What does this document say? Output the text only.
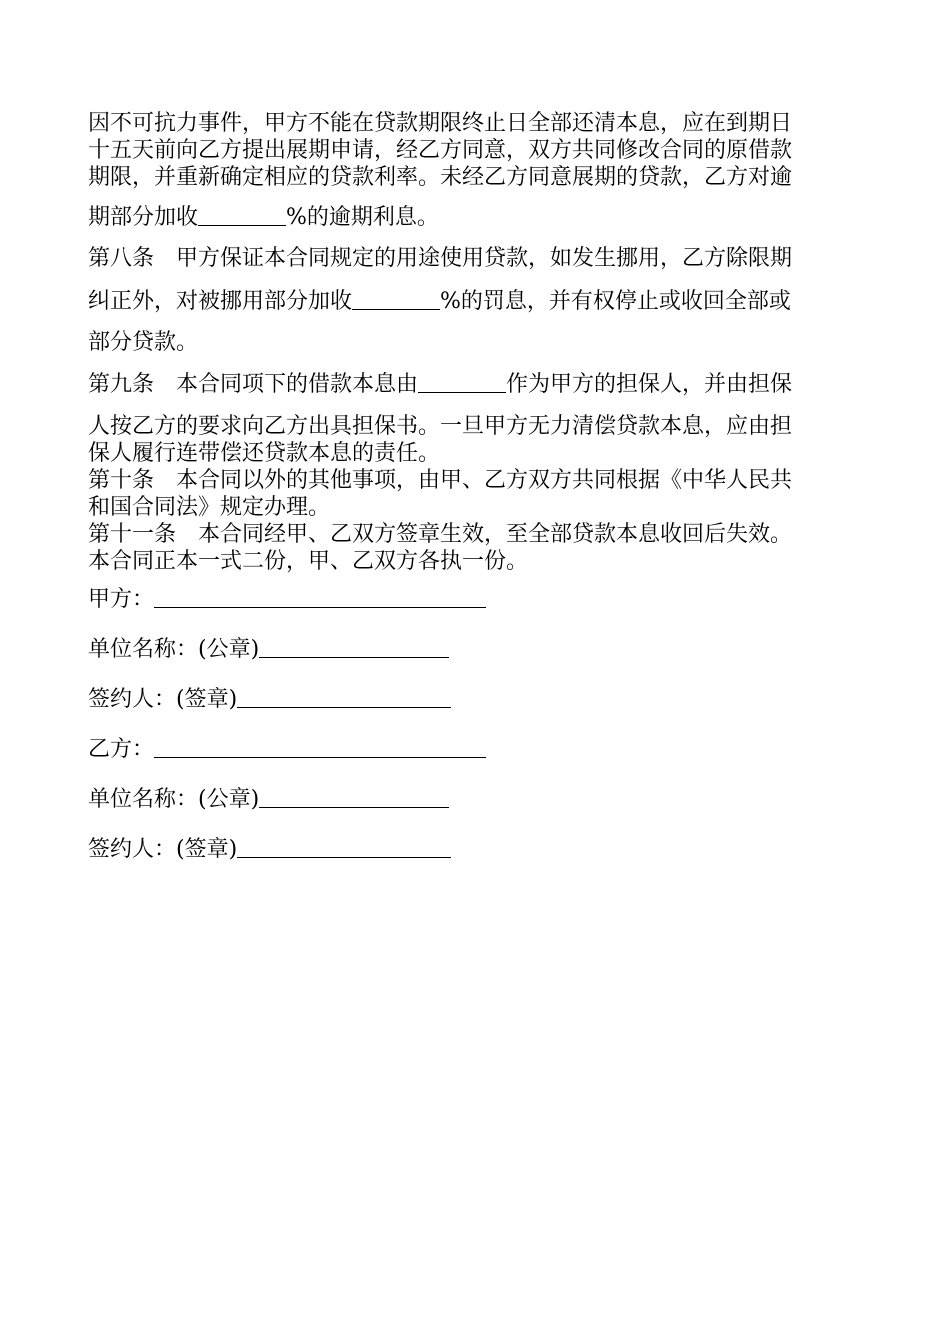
因不可抗力事件，甲方不能在贷款期限终止日全部还清本息，应在到期日
十五天前向乙方提出展期申请，经乙方同意，双方共同修改合同的原借款
期限，并重新确定相应的贷款利率。未经乙方同意展期的贷款，乙方对逾
期部分加收	%的逾期利息。

第八条　甲方保证本合同规定的用途使用贷款，如发生挪用，乙方除限期
纠正外，对被挪用部分加收	%的罚息，并有权停止或收回全部或
部分贷款。

第九条　本合同项下的借款本息由	作为甲方的担保人，并由担保
人按乙方的要求向乙方出具担保书。一旦甲方无力清偿贷款本息，应由担
保人履行连带偿还贷款本息的责任。

第十条　本合同以外的其他事项，由甲、乙方双方共同根据《中华人民共
和国合同法》规定办理。

第十一条　本合同经甲、乙双方签章生效，至全部贷款本息收回后失效。
本合同正本一式二份，甲、乙双方各执一份。

甲方：
单位名称：(公章)
签约人：(签章)
乙方：
单位名称：(公章)
签约人：(签章)
